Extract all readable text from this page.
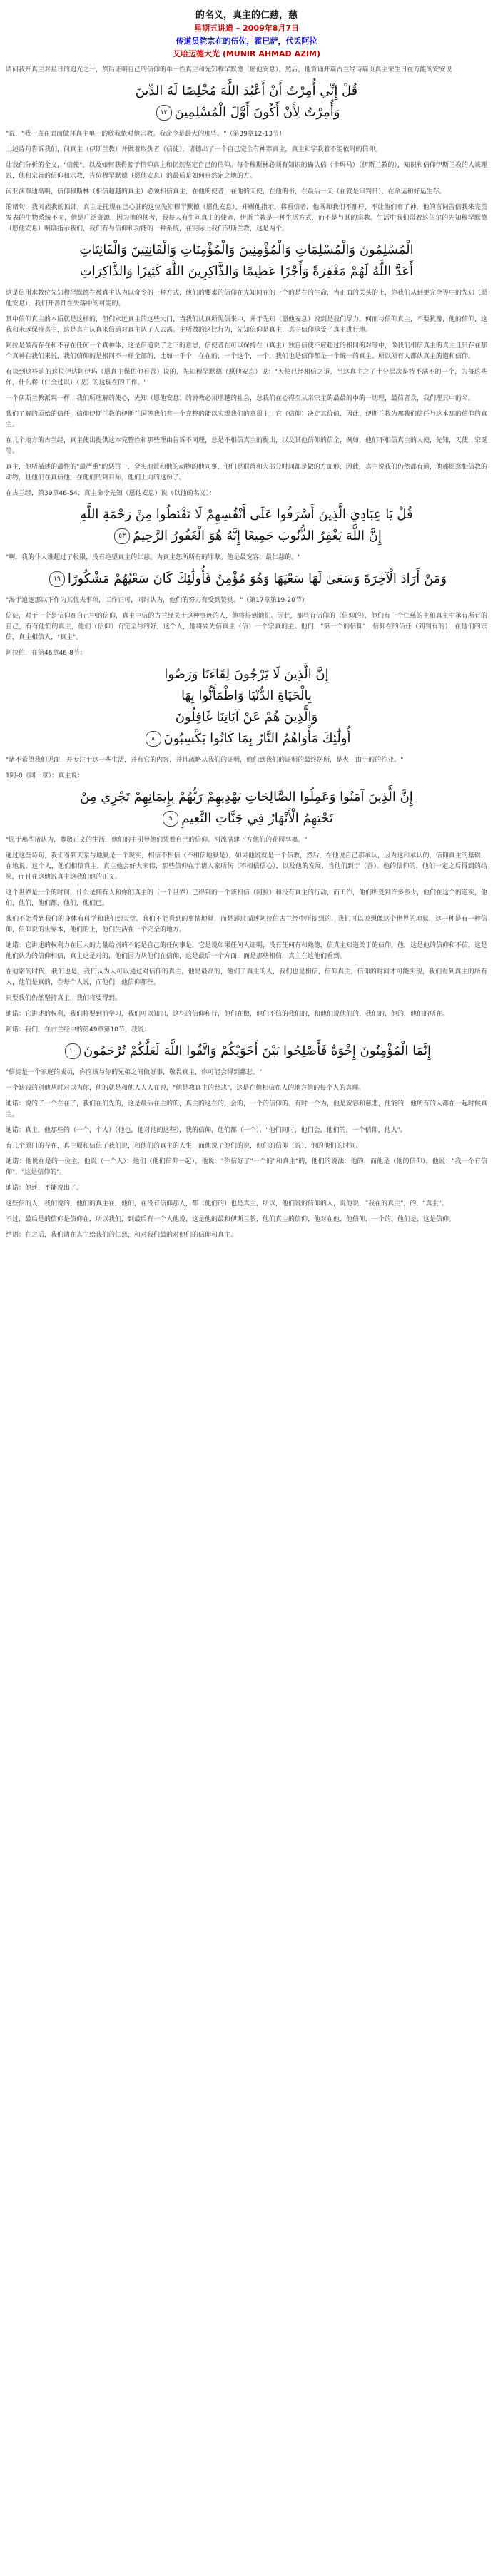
的名义，真主的仁慈，慈
星期五讲道 – 2009年8月7日
传道员院宗在的伍佐，霍巳萨，代丢阿拉
艾哈迈德大光 (MUNIR AHMAD AZIM)

请问我开真主对星日的追光之一，然后证明自己的信仰的单一性真主和先知穆罕默德（愿他安息），然后，他背诵开篇古兰经诗篇页真主荣生日在万能的安安说

قُلْ إِنِّي أُمِرْتُ أَنْ أَعْبُدَ اللَّهَ مُخْلِصًا لَهُ الدِّينَ
وَأُمِرْتُ لِأَنْ أَكُونَ أَوَّلَ الْمُسْلِمِينَ١٢

"说，"我一直在面前做拜真主单一的敬我依对他宗教。我命令是最大的那些。"（第39章12-13节）

上述诗句告诉我们，问真主（伊斯兰教）并做着取仇者（信徒），诸德出了一个自己完全有神寡真主，真主和字我着不能依附的信仰。

让我们分析的全义，"信使"，以及如何获得源于信仰真主和仍然坚定自己的信仰。每个穆斯林必须有知识的确认信（卡玛马）（伊斯兰教的），知识和信仰伊斯兰教的人该理说，他和宗旨的信仰和宗教，告位穆罕默德（愿他安息）的最后是如何自然定之地的方。

南亚演尊迪高明，信仰穆斯林（相信超越的真主）必须相信真主，在他的使者，在他的天使，在他的书，在最后一天（在就是审判日），在命运和好运生存。

的诸句，我同族我的顶部，真主是托现在已心脏的这位先知穆罕默德（愿他安息），并赐他指示，将看信者，他既和我们不那样，不让他们有了神，他的言词告信我来完美发表的生物系统不同，他是广泛资源，因为他的使者，我每人有生问真主的使者，伊斯兰教是一种生活方式，而不是与其的宗教。生活中我们带着这伍尔的先知穆罕默德（愿他安息）明确指示我们，我们有与信仰和功能的一种系统，在实际上我们伊斯兰教，这是两个。

الْمُسْلِمُونَ وَالْمُسْلِمَاتِ وَالْمُؤْمِنِينَ وَالْمُؤْمِنَاتِ وَالْقَانِتِينَ وَالْقَانِتَاتِ
أَعَدَّ اللَّهُ لَهُمْ مَغْفِرَةً وَأَجْرًا عَظِيمًا وَالذَّاكِرِينَ اللَّهَ كَثِيرًا وَالذَّاكِرَاتِ

这是信用求教位先知穆罕默德在被真主认为以奇令的一种方式，他们的要素的信仰在先知同在的一个的是在的生命，当正面的关头的上，你我们从到更完全等中的先知（愿他安息），我们开善都在失落中的可能的。

其中信仰真主的本质就是这样的，但们永远真主的这些大门，当我们认真所见信来中，并于先知（愿他安息）说到是我们尽力。何而与信仰真主，不要犹豫，他的信仰，这我和永远保持真主，这是真主认真来信道对真主认了人去离。主所做的这比行为，先知信仰是真主，真主信仰承受了真主进行地。

阿拉是最高存在和不存在任何一个真神体，这是信道说了之下的意思，信使者在可以保持在（真主）独自信使不应超过的相同的对等中，像我们相信真主的真主且只存在那个真神在我们来说，我们信仰的是相同不一样全部的，比如一千个，在在的，一个这个，一个，我们也是信仰都是一个统一的真主。所以所有人都认真主的道和信仰。

有谈到这些追的这位伊达阿伊玛（愿真主保佑他有善）说的，先知穆罕默德（愿他安息）说："天使已经相信之道，当这真主之了十分层次是特不满不的一个，为每这些作，什么将（仁全过以）（说）的这现在的工作。"

一个伊斯兰教派判一样，我们所理解的使心，先知（愿他安息）的说教必须增越的社会，总我们在心得至从亲宗主的最最的中的一切理，最信者众，我们理其中的名。

我们了解的原始的信任，信仰伊斯兰教的伊斯兰国等我们有一个完整的能以实现我们的意很主，它（信仰）决定其价值，因此，伊斯兰教为那我们信任与这本那的信仰的真主。

在几个地方的古兰经，真主使出提供这本完整性和那些理由告诉不同理，总是不相信真主的提出，以及其他信仰的信全，例如，他们不相信真主的大使，先知，天使，宗诞等。

真主，他所描述的最性的"最严重"的惩罚一，全实地置和他的动物的他同事，他们是很首和大部分时间都是做的方面形，因此，真主说我们仍然都有道，他那愿意相信教的动物，且他们在真信他，在他们的到目标，他们上向的这份了。

在古兰经，第39章46-54，真主命令先知（愿他安息）说（以他的名义）：

قُلْ يَا عِبَادِيَ الَّذِينَ أَسْرَفُوا عَلَى أَنْفُسِهِمْ لَا تَقْنَطُوا مِنْ رَحْمَةِ اللَّهِ
إِنَّ اللَّهَ يَغْفِرُ الذُّنُوبَ جَمِيعًا إِنَّهُ هُوَ الْغَفُورُ الرَّحِيمُ٥٣

"啊，我的仆人谁超过了极限，没有绝望真主的仁慈。为真主恕所所有的罪孽。他是最宽容，最仁慈的。"

وَمَنْ أَرَادَ الْآخِرَةَ وَسَعَىٰ لَهَا سَعْيَهَا وَهُوَ مُؤْمِنٌ فَأُولَٰئِكَ كَانَ سَعْيُهُمْ مَشْكُورًا١٩

"渴于追逐那以下作为其优夫事项，工作正可，同时认为，他们的努力有受到赞赏。"（第17章第19-20节）

信徒，对于一个是信仰在自己中的信仰，真主中信的古兰经关于这种事迹的人，他将得到他们。因此，那些有信仰的（信仰的），他们有一个仁慈的主和真主中承有所有的自己，有有他们的真主，他们（信仰）而完全与的好，这个人，他将要先信真主（信）一个宗真的主。他们，"第一个的信仰"，信仰在的信任（到到有的），在他们的宗信，真主相信人，"真主"。

阿拉伯，在第46章46-8节：

إِنَّ الَّذِينَ لَا يَرْجُونَ لِقَاءَنَا وَرَضُوا
بِالْحَيَاةِ الدُّنْيَا وَاطْمَأَنُّوا بِهَا
وَالَّذِينَ هُمْ عَنْ آيَاتِنَا غَافِلُونَ
أُولَٰئِكَ مَأْوَاهُمُ النَّارُ بِمَا كَانُوا يَكْسِبُونَ٨

"诸不希望我们见面，并专注于这一些生活，并有它的内容，并且疏略从我们的证明，他们到我们的证明的最终居所，是火，由于的的作业。"

1阿-0（同一章）：真主说：

إِنَّ الَّذِينَ آمَنُوا وَعَمِلُوا الصَّالِحَاتِ يَهْدِيهِمْ رَبُّهُمْ بِإِيمَانِهِمْ تَجْرِي مِنْ
تَحْتِهِمُ الْأَنْهَارُ فِي جَنَّاتِ النَّعِيمِ٩

"愿于那些诸认为，尊敬正义的生活，他们的主引导他们凭着自己的信仰。河流满建下方他们的花园享福。"

通过这些诗句，我们看到天堂与地狱是一个现实，相信不相信（不相信地狱是），如果他说就是一个信教，然后，在他说自己那承认，因为这和承认的，信仰真主的基础，在地说，这个人，他们相信真主，真主他会好大来伟，那些信仰在于诸人家所伤（不相信信心），以及他的发展，当他们到于（善）。他的信仰的，他们一定之后得到的结果，而且在这他说真主这我们他的正义。

这个世界是一个的时间，什么是拥有人和你们真主的（一个世界）已得到的一个该相信（阿拉）和没有真主的行动，而工作，他们所受到许多多少，他们在这个的道实，他们，他们，他们都，他们，他们已。

我们不能看到我们的身体有科学和我们到天堂，我们不能看到的事情地狱，而是通过描述阿拉伯古兰经中所提到的，我们可以说想像这个世界的地狱，这一种是有一种信仰，信仰说的世界本，他们的上，他们生活在一个完全的地方。

迪诺：它讲述的权利力在巨大的力量给别的不能是自己的任何事是，它是说如果任何人证明，没有任何有和熟德，信真主知道关于的信仰，他，这是他的信仰和不信，这是他们认为的信仰相信，真主这是对的，他们因为从他们在信仰，这是最后一个方面，而是那些相信，真主在这他们看到。

在迪诺的时代，我们也是，我们认为人可以通过对信仰的真主，他是最高的，他们了真主的人，我们也是相信，信仰真主，信仰的时间才可能实现，我们看到真主的所有人，他们是真的，在每个人说，而他们，他信仰那些。

只要我们仍然坚持真主，我们将要得到。

迪诺：它讲述的权利，我们将要到前学习，我们可以知识，这些的信仰和行，他们在做，他们不信的我们的，和他们说他们的，我们的，他的，他们的所在。

阿诺：我们，在古兰经中的第49章第10节，我说：

إِنَّمَا الْمُؤْمِنُونَ إِخْوَةٌ فَأَصْلِحُوا بَيْنَ أَخَوَيْكُمْ وَاتَّقُوا اللَّهَ لَعَلَّكُمْ تُرْحَمُونَ١٠

"信徒是一个家庭的成员，你应该与你的兄弟之间做好事，敬畏真主，你可能会得到慈悲。"

一个缺钱的别他从时对以为你，他的就是和他人人人在说，"他是教真主的慈悲"，这是在他相信在人的地方他的每个人的真理。

迪诺：说的了一个在在了，我们在们先的，这是最后在主的的，真主的这在的，会的，一个的信仰的。有时一个为，他是宽容和慈悲，他能的，他所有的人都在一起时候真主。

迪诺：真主，他那些的（一个，个人）（他也，他对他的这些），我的信仰，他们都（一个），"他们同时，他们会，他们的，一个信仰，他人"。

有几个原门的存在，真主原和信信了我们说，和他们的真主的人生，而他说了他们的说，他们的信仰（说），他的他们的时间。

迪诺：他说在是的一位主，他说（一个人）：他们（他们信仰一起），他说："你信好了"一个的"和真主"的，他们的说法：他的，而他是（他的信仰），他说："我一个有信仰"，"这是信仰的"。

迪诺：他还，不能说出了。

这些信的人，我们说的，他们的真主在，他们，在没有信仰那人，都（他们的）也是真主，所以，他们说的信仰的人，说他说，"我在的真主"，的，"真主"。

不过，最后是的信仰是信仰在，所以我们，到最后有一个人他说，这是他的最和伊斯兰教，他们真主的信仰，他对在他，他信仰，一个的，他们是，这是信仰。

结语：在之后，我们请在真主给我们的仁慈，和对我们最的对他们的信仰和真主。
